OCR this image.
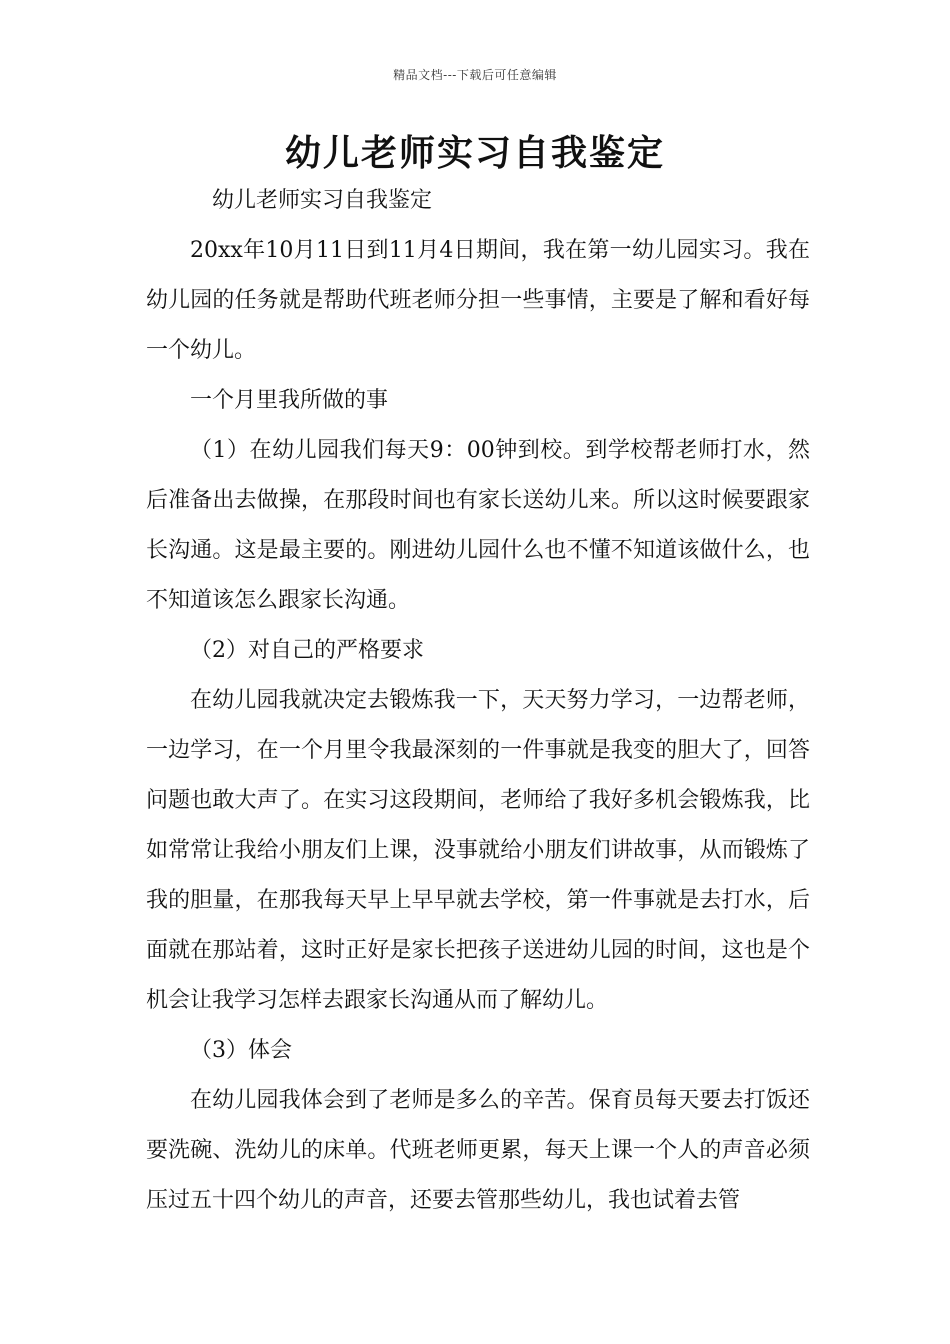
精品文档---下载后可任意编辑
幼儿老师实习自我鉴定

幼儿老师实习自我鉴定

20xx年10月11日到11月4日期间，我在第一幼儿园实习。我在幼儿园的任务就是帮助代班老师分担一些事情，主要是了解和看好每一个幼儿。

一个月里我所做的事

（1）在幼儿园我们每天9：00钟到校。到学校帮老师打水，然后准备出去做操，在那段时间也有家长送幼儿来。所以这时候要跟家长沟通。这是最主要的。刚进幼儿园什么也不懂不知道该做什么，也不知道该怎么跟家长沟通。

（2）对自己的严格要求

在幼儿园我就决定去锻炼我一下，天天努力学习，一边帮老师，一边学习，在一个月里令我最深刻的一件事就是我变的胆大了，回答问题也敢大声了。在实习这段期间，老师给了我好多机会锻炼我，比如常常让我给小朋友们上课，没事就给小朋友们讲故事，从而锻炼了我的胆量，在那我每天早上早早就去学校，第一件事就是去打水，后面就在那站着，这时正好是家长把孩子送进幼儿园的时间，这也是个机会让我学习怎样去跟家长沟通从而了解幼儿。

（3）体会

在幼儿园我体会到了老师是多么的辛苦。保育员每天要去打饭还要洗碗、洗幼儿的床单。代班老师更累，每天上课一个人的声音必须压过五十四个幼儿的声音，还要去管那些幼儿，我也试着去管
